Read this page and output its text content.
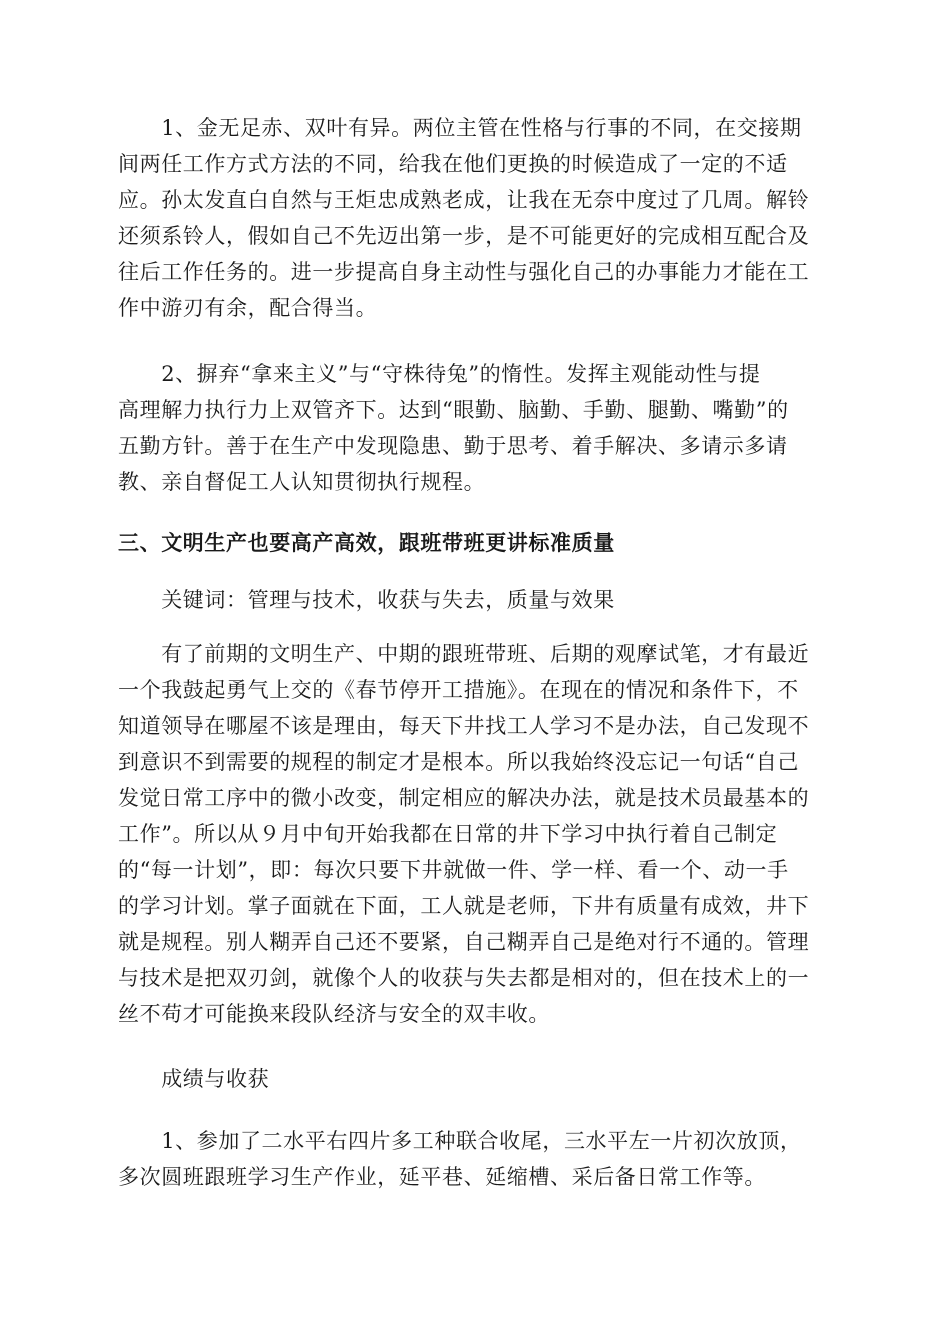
　　1、金无足赤、双叶有异。两位主管在性格与行事的不同，在交接期
间两任工作方式方法的不同，给我在他们更换的时候造成了一定的不适
应。孙太发直白自然与王炬忠成熟老成，让我在无奈中度过了几周。解铃
还须系铃人，假如自己不先迈出第一步，是不可能更好的完成相互配合及
往后工作任务的。进一步提高自身主动性与强化自己的办事能力才能在工
作中游刃有余，配合得当。
　　2、摒弃“拿来主义”与“守株待兔”的惰性。发挥主观能动性与提
高理解力执行力上双管齐下。达到“眼勤、脑勤、手勤、腿勤、嘴勤”的
五勤方针。善于在生产中发现隐患、勤于思考、着手解决、多请示多请
教、亲自督促工人认知贯彻执行规程。
三、文明生产也要高产高效，跟班带班更讲标准质量
　　关键词：管理与技术，收获与失去，质量与效果
　　有了前期的文明生产、中期的跟班带班、后期的观摩试笔，才有最近
一个我鼓起勇气上交的《春节停开工措施》。在现在的情况和条件下，不
知道领导在哪屋不该是理由，每天下井找工人学习不是办法，自己发现不
到意识不到需要的规程的制定才是根本。所以我始终没忘记一句话“自己
发觉日常工序中的微小改变，制定相应的解决办法，就是技术员最基本的
工作”。所以从９月中旬开始我都在日常的井下学习中执行着自己制定
的“每一计划”，即：每次只要下井就做一件、学一样、看一个、动一手
的学习计划。掌子面就在下面，工人就是老师，下井有质量有成效，井下
就是规程。别人糊弄自己还不要紧，自己糊弄自己是绝对行不通的。管理
与技术是把双刃剑，就像个人的收获与失去都是相对的，但在技术上的一
丝不苟才可能换来段队经济与安全的双丰收。
　　成绩与收获
　　1、参加了二水平右四片多工种联合收尾，三水平左一片初次放顶，
多次圆班跟班学习生产作业，延平巷、延缩槽、采后备日常工作等。
